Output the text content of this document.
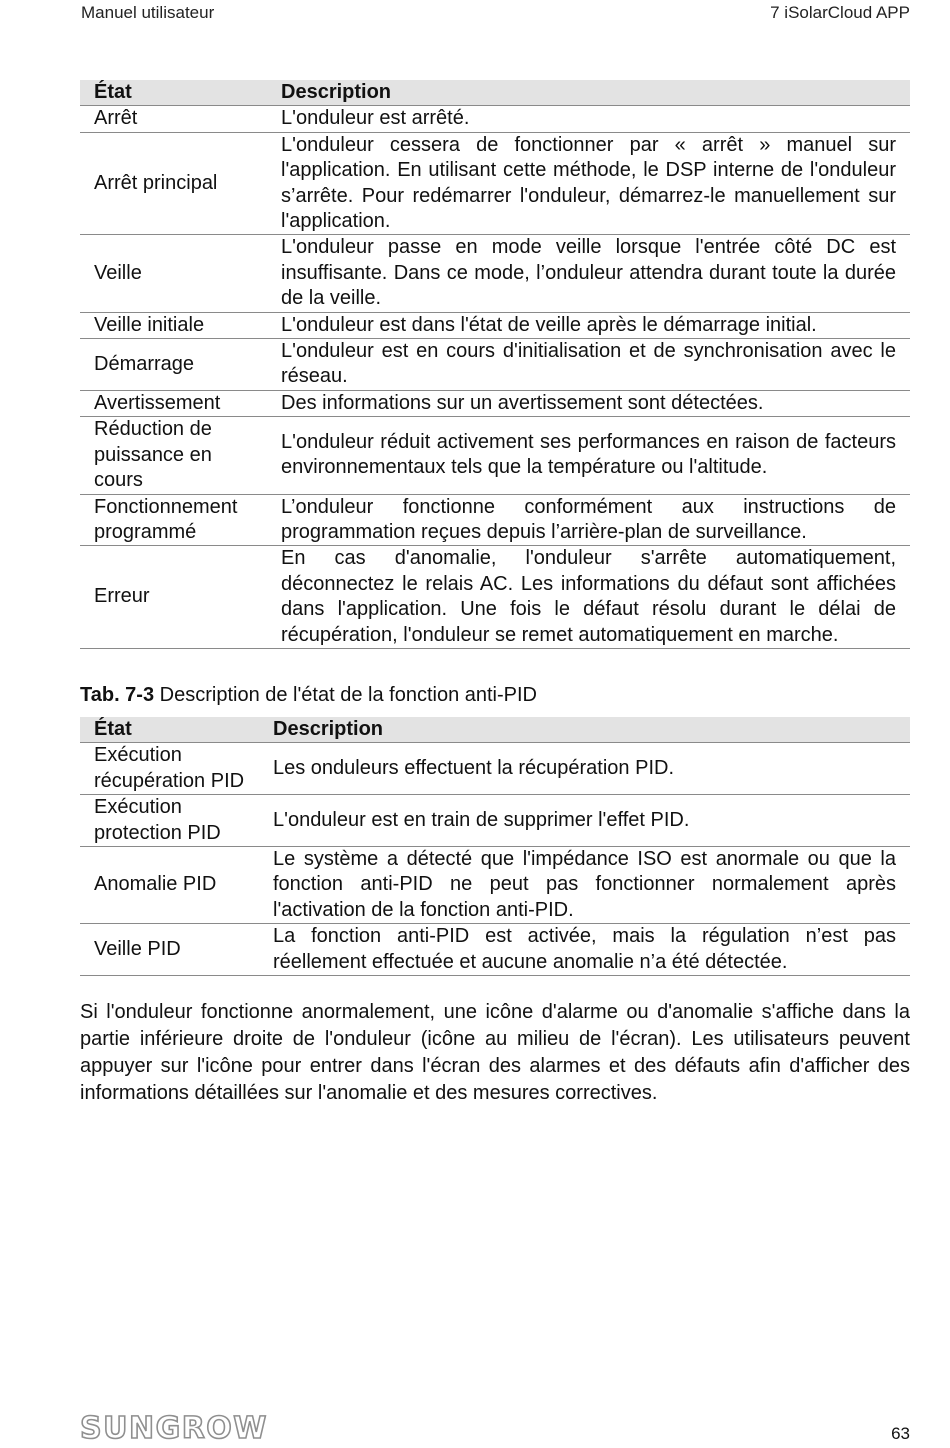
Manuel utilisateur	7 iSolarCloud APP
État	Description
Arrêt	L'onduleur est arrêté.
Arrêt principal	L'onduleur cessera de fonctionner par « arrêt » manuel sur l'application. En utilisant cette méthode, le DSP interne de l'onduleur s’arrête. Pour redémarrer l'onduleur, démarrez-le manuellement sur l'application.
Veille	L'onduleur passe en mode veille lorsque l'entrée côté DC est insuffisante. Dans ce mode, l’onduleur attendra durant toute la durée de la veille.
Veille initiale	L'onduleur est dans l'état de veille après le démarrage initial.
Démarrage	L'onduleur est en cours d'initialisation et de synchronisation avec le réseau.
Avertissement	Des informations sur un avertissement sont détectées.
Réduction de puissance en cours	L'onduleur réduit activement ses performances en raison de facteurs environnementaux tels que la température ou l'altitude.
Fonctionnement programmé	L’onduleur fonctionne conformément aux instructions de programmation reçues depuis l’arrière-plan de surveillance.
Erreur	En cas d'anomalie, l'onduleur s'arrête automatiquement, déconnectez le relais AC. Les informations du défaut sont affichées dans l'application. Une fois le défaut résolu durant le délai de récupération, l'onduleur se remet automatiquement en marche.
Tab. 7-3 Description de l'état de la fonction anti-PID
État	Description
Exécution récupération PID	Les onduleurs effectuent la récupération PID.
Exécution protection PID	L'onduleur est en train de supprimer l'effet PID.
Anomalie PID	Le système a détecté que l'impédance ISO est anormale ou que la fonction anti-PID ne peut pas fonctionner normalement après l'activation de la fonction anti-PID.
Veille PID	La fonction anti-PID est activée, mais la régulation n’est pas réellement effectuée et aucune anomalie n’a été détectée.

Si l'onduleur fonctionne anormalement, une icône d'alarme ou d'anomalie s'affiche dans la partie inférieure droite de l'onduleur (icône au milieu de l'écran). Les utilisateurs peuvent appuyer sur l'icône pour entrer dans l'écran des alarmes et des défauts afin d'afficher des informations détaillées sur l'anomalie et des mesures correctives.

SUNGROW	63
